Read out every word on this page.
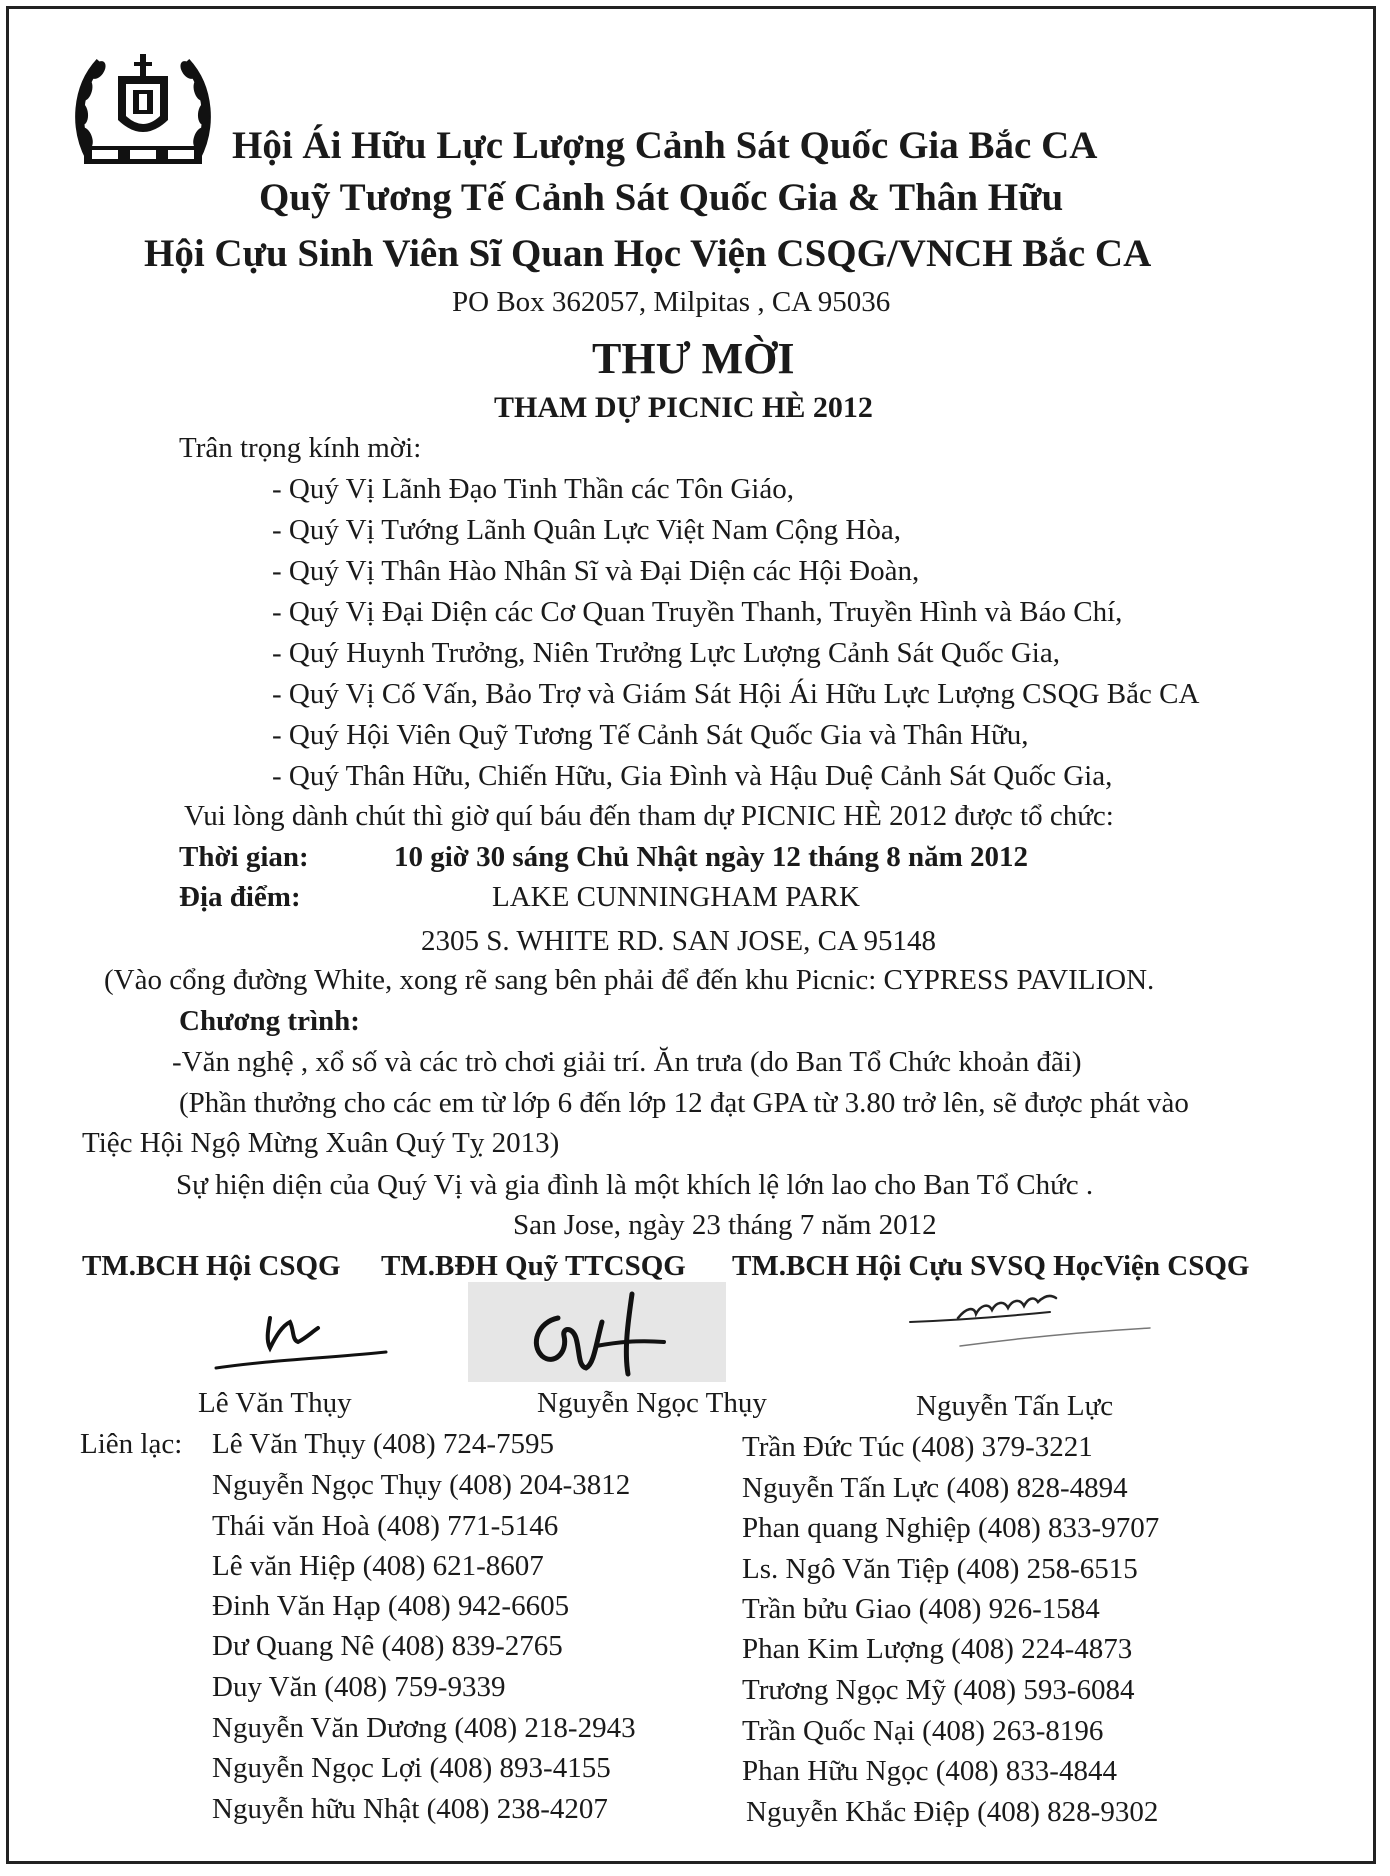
Hội Ái Hữu Lực Lượng Cảnh Sát Quốc Gia Bắc CA
Quỹ Tương Tế Cảnh Sát Quốc Gia & Thân Hữu
Hội Cựu Sinh Viên Sĩ Quan Học Viện CSQG/VNCH Bắc CA
PO Box 362057, Milpitas , CA 95036
THƯ MỜI
THAM DỰ PICNIC HÈ 2012
Trân trọng kính mời:
- Quý Vị Lãnh Đạo Tinh Thần các Tôn Giáo,
- Quý Vị Tướng Lãnh Quân Lực Việt Nam Cộng Hòa,
- Quý Vị Thân Hào Nhân Sĩ và Đại Diện các Hội Đoàn,
- Quý Vị Đại Diện các Cơ Quan Truyền Thanh, Truyền Hình và Báo Chí,
- Quý Huynh Trưởng, Niên Trưởng Lực Lượng Cảnh Sát Quốc Gia,
- Quý Vị Cố Vấn, Bảo Trợ và Giám Sát Hội Ái Hữu Lực Lượng CSQG Bắc CA
- Quý Hội Viên Quỹ Tương Tế Cảnh Sát Quốc Gia và Thân Hữu,
- Quý Thân Hữu, Chiến Hữu, Gia Đình và Hậu Duệ Cảnh Sát Quốc Gia,
Vui lòng dành chút thì giờ quí báu đến tham dự PICNIC HÈ 2012 được tổ chức:
Thời gian:	10 giờ 30 sáng Chủ Nhật ngày 12 tháng 8 năm 2012
Địa điểm:	LAKE CUNNINGHAM PARK
2305 S. WHITE RD. SAN JOSE, CA 95148
(Vào cổng đường White, xong rẽ sang bên phải để đến khu Picnic: CYPRESS PAVILION.
Chương trình:
-Văn nghệ , xổ số và các trò chơi giải trí. Ăn trưa (do Ban Tổ Chức khoản đãi)
(Phần thưởng cho các em từ lớp 6 đến lớp 12 đạt GPA từ 3.80 trở lên, sẽ được phát vào
Tiệc Hội Ngộ Mừng Xuân Quý Tỵ 2013)
Sự hiện diện của Quý Vị và gia đình là một khích lệ lớn lao cho Ban Tổ Chức .
San Jose, ngày 23 tháng 7 năm 2012
TM.BCH Hội CSQG TM.BĐH Quỹ TTCSQG TM.BCH Hội Cựu SVSQ HọcViện CSQG
Lê Văn Thụy	Nguyễn Ngọc Thụy	Nguyễn Tấn Lực
Liên lạc: Lê Văn Thụy (408) 724-7595
Nguyễn Ngọc Thụy (408) 204-3812
Thái văn Hoà (408) 771-5146
Lê văn Hiệp (408) 621-8607
Đinh Văn Hạp (408) 942-6605
Dư Quang Nê (408) 839-2765
Duy Văn (408) 759-9339
Nguyễn Văn Dương (408) 218-2943
Nguyễn Ngọc Lợi (408) 893-4155
Nguyễn hữu Nhật (408) 238-4207
Trần Đức Túc (408) 379-3221
Nguyễn Tấn Lực (408) 828-4894
Phan quang Nghiệp (408) 833-9707
Ls. Ngô Văn Tiệp (408) 258-6515
Trần bửu Giao (408) 926-1584
Phan Kim Lượng (408) 224-4873
Trương Ngọc Mỹ (408) 593-6084
Trần Quốc Nại (408) 263-8196
Phan Hữu Ngọc (408) 833-4844
Nguyễn Khắc Điệp (408) 828-9302
